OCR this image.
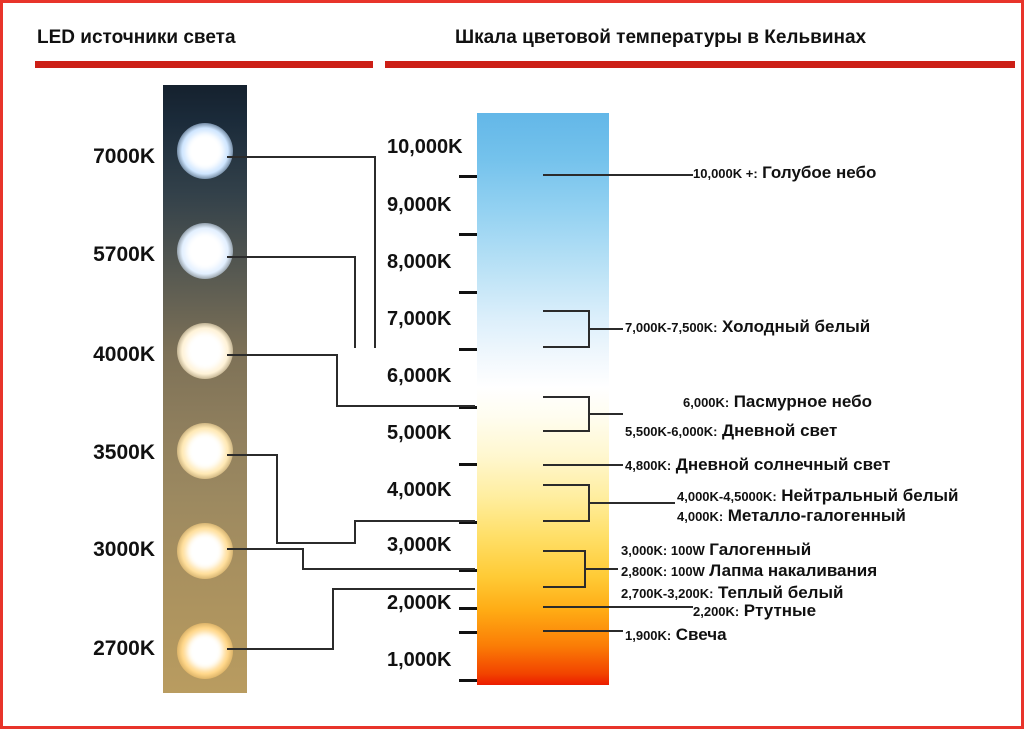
LED источники света	Шкала цветовой температуры в Кельвинах
7000K
5700K
4000K
3500K
3000K
2700K
10,000K
9,000K
8,000K
7,000K
6,000K
5,000K
4,000K
3,000K
2,000K
1,000K
10,000K +: Голубое небо
7,000K-7,500K: Холодный белый
6,000K: Пасмурное небо
5,500K-6,000K: Дневной свет
4,800K: Дневной солнечный свет
4,000K-4,5000K: Нейтральный белый
4,000K: Металло-галогенный
3,000K: 100W Галогенный
2,800K: 100W Лапма накаливания
2,700K-3,200K: Теплый белый
2,200K: Ртутные
1,900K: Свеча
